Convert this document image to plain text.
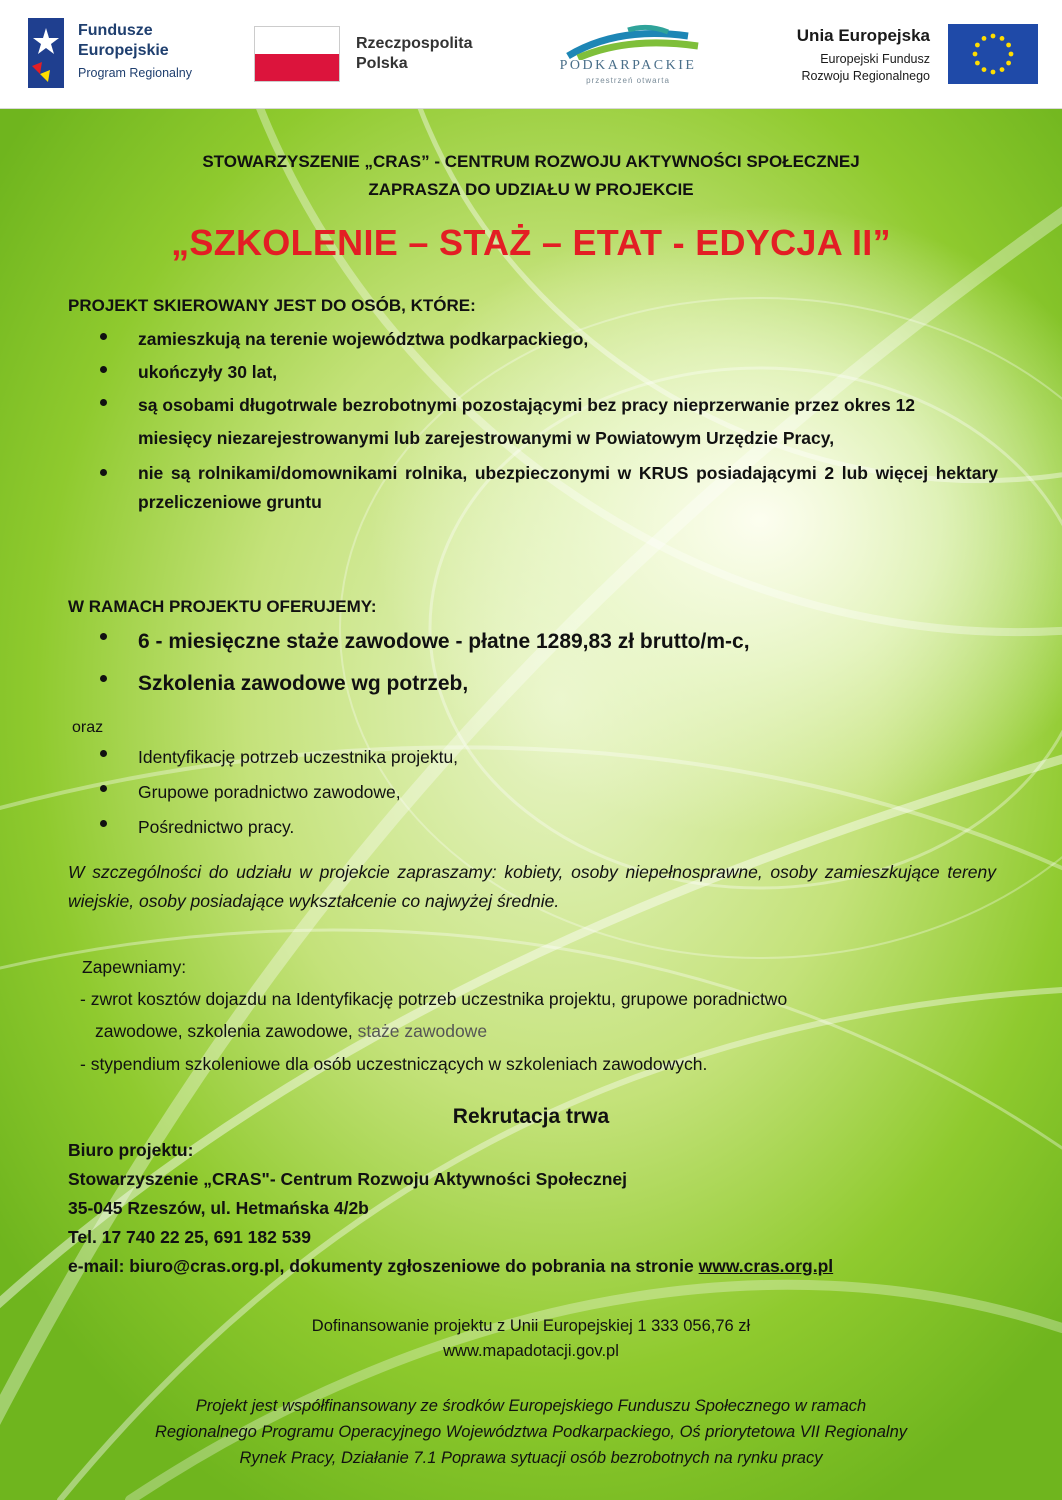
Fundusze
Europejskie
Program Regionalny
Rzeczpospolita
Polska	PODKARPACKIE
przestrzeń otwarta
Unia Europejska
Europejski Fundusz
Rozwoju Regionalnego
STOWARZYSZENIE „CRAS” - CENTRUM ROZWOJU AKTYWNOŚCI SPOŁECZNEJ
ZAPRASZA DO UDZIAŁU W PROJEKCIE
„SZKOLENIE – STAŻ – ETAT - EDYCJA II”
PROJEKT SKIEROWANY JEST DO OSÓB, KTÓRE:
zamieszkują na terenie województwa podkarpackiego,
ukończyły 30 lat,
są osobami długotrwale bezrobotnymi pozostającymi bez pracy nieprzerwanie przez okres 12 miesięcy niezarejestrowanymi lub zarejestrowanymi w Powiatowym Urzędzie Pracy,
nie są rolnikami/domownikami rolnika, ubezpieczonymi w KRUS posiadającymi 2 lub więcej hektary przeliczeniowe gruntu
W RAMACH PROJEKTU OFERUJEMY:
6 - miesięczne staże zawodowe - płatne 1289,83 zł brutto/m-c,
Szkolenia zawodowe wg potrzeb,
oraz
Identyfikację potrzeb uczestnika projektu,
Grupowe poradnictwo zawodowe,
Pośrednictwo pracy.
W szczególności do udziału w projekcie zapraszamy: kobiety, osoby niepełnosprawne, osoby zamieszkujące tereny wiejskie, osoby posiadające wykształcenie co najwyżej średnie.
Zapewniamy:
- zwrot kosztów dojazdu na Identyfikację potrzeb uczestnika projektu, grupowe poradnictwo
zawodowe, szkolenia zawodowe, staże zawodowe
- stypendium szkoleniowe dla osób uczestniczących w szkoleniach zawodowych.
Rekrutacja trwa
Biuro projektu:
Stowarzyszenie „CRAS"- Centrum Rozwoju Aktywności Społecznej
35-045 Rzeszów, ul. Hetmańska 4/2b
Tel. 17 740 22 25, 691 182 539
e-mail: biuro@cras.org.pl, dokumenty zgłoszeniowe do pobrania na stronie www.cras.org.pl
Dofinansowanie projektu z Unii Europejskiej 1 333 056,76 zł
www.mapadotacji.gov.pl
Projekt jest współfinansowany ze środków Europejskiego Funduszu Społecznego w ramach
Regionalnego Programu Operacyjnego Województwa Podkarpackiego, Oś priorytetowa VII Regionalny
Rynek Pracy, Działanie 7.1 Poprawa sytuacji osób bezrobotnych na rynku pracy
